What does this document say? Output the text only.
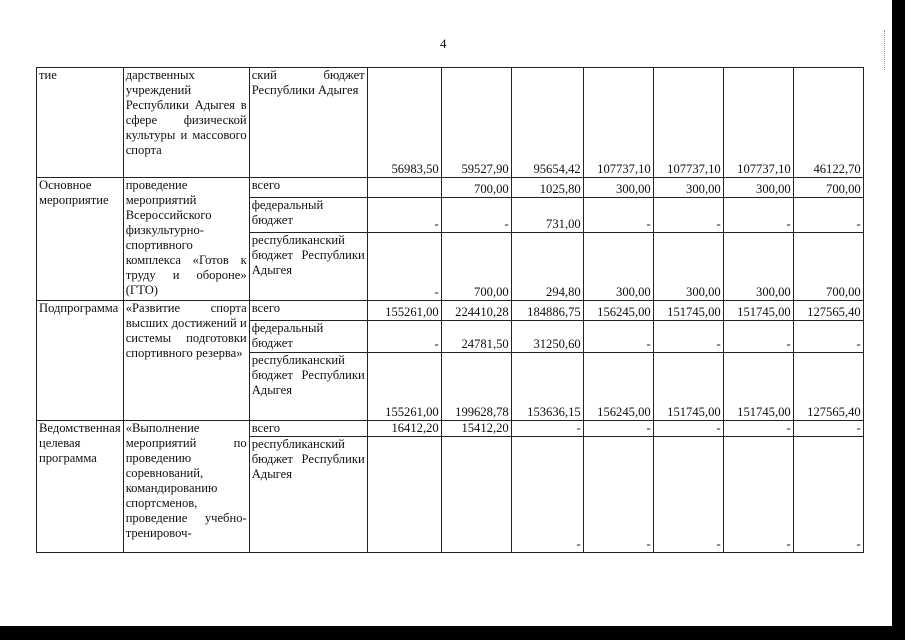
4
тие	дарственных учреждений Республики Адыгея в сфере физической культуры и массового спорта	ский бюджет Республики Адыгея	56983,50	59527,90	95654,42	107737,10	107737,10	107737,10	46122,70
Основное мероприятие	проведение мероприятий Всероссийского физкультурно-спортивного комплекса «Готов к труду и обороне» (ГТО)	всего		700,00	1025,80	300,00	300,00	300,00	700,00
		федеральный бюджет	-	-	731,00	-	-	-	-
		республиканский бюджет Республики Адыгея	-	700,00	294,80	300,00	300,00	300,00	700,00
Подпрограмма	«Развитие спорта высших достижений и системы подготовки спортивного резерва»	всего	155261,00	224410,28	184886,75	156245,00	151745,00	151745,00	127565,40
		федеральный бюджет	-	24781,50	31250,60	-	-	-	-
		республиканский бюджет Республики Адыгея	155261,00	199628,78	153636,15	156245,00	151745,00	151745,00	127565,40
Ведомственная целевая программа	«Выполнение мероприятий по проведению соревнований, командированию спортсменов, проведение учебно-тренировоч-	всего	16412,20	15412,20	-	-	-	-	-
		республиканский бюджет Республики Адыгея			-	-	-	-	-
